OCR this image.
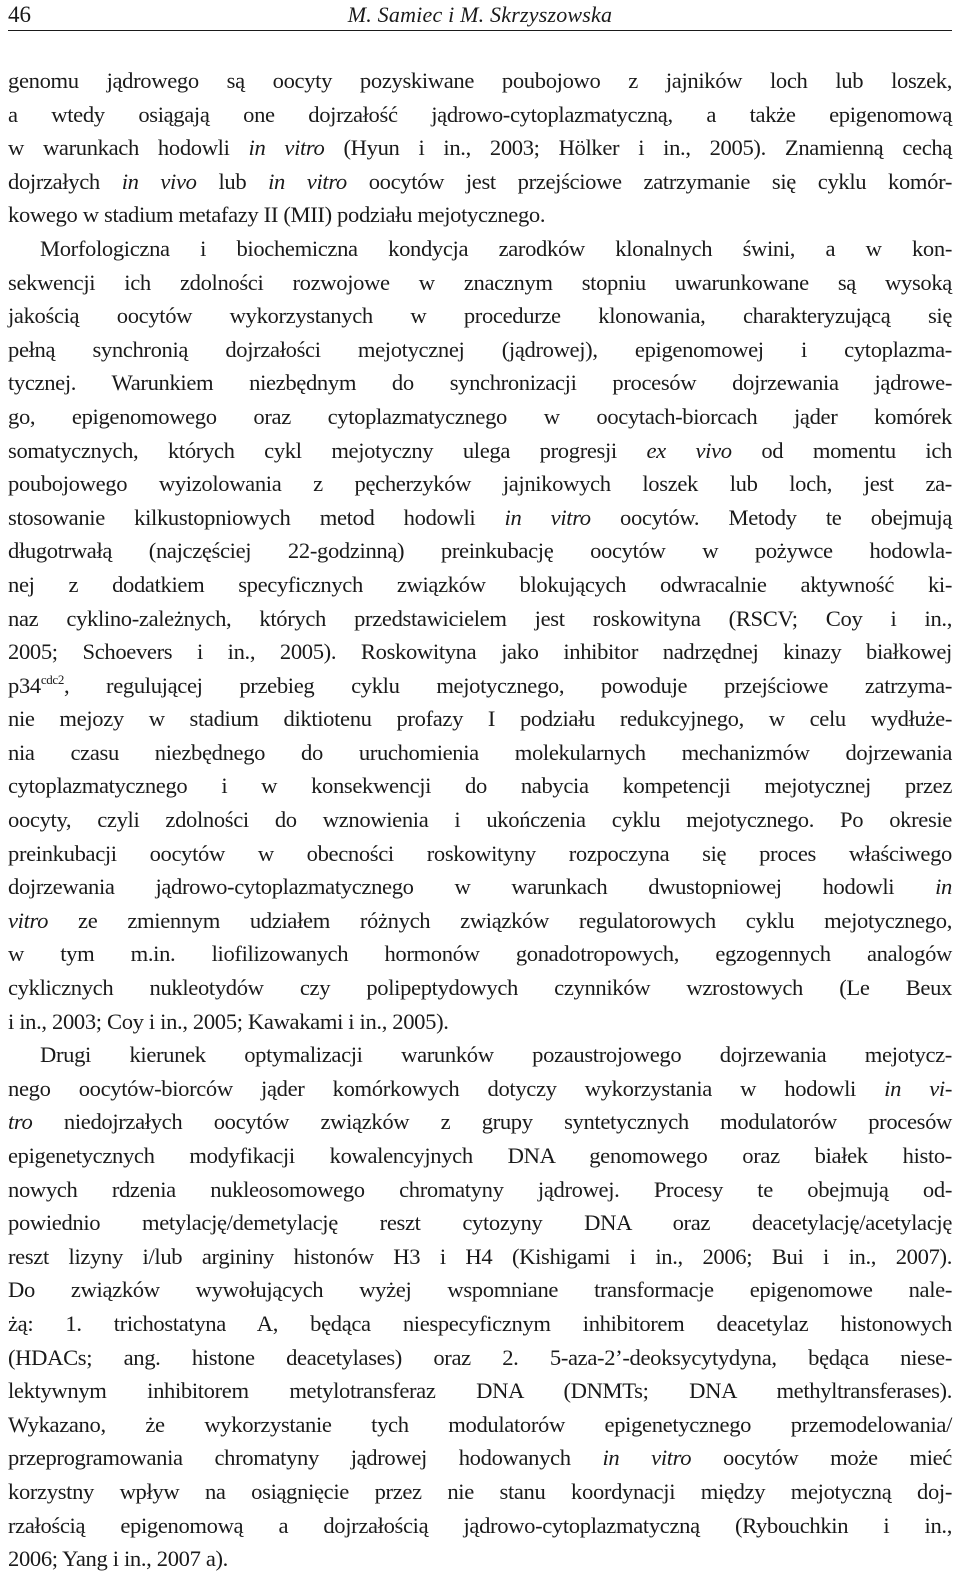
46	M. Samiec i M. Skrzyszowska
genomu jądrowego są oocyty pozyskiwane poubojowo z jajników loch lub loszek,
a wtedy osiągają one dojrzałość jądrowo-cytoplazmatyczną, a także epigenomową
w warunkach hodowli in vitro (Hyun i in., 2003; Hölker i in., 2005). Znamienną cechą
dojrzałych in vivo lub in vitro oocytów jest przejściowe zatrzymanie się cyklu komór-
kowego w stadium metafazy II (MII) podziału mejotycznego.
Morfologiczna i biochemiczna kondycja zarodków klonalnych świni, a w kon-
sekwencji ich zdolności rozwojowe w znacznym stopniu uwarunkowane są wysoką
jakością oocytów wykorzystanych w procedurze klonowania, charakteryzującą się
pełną synchronią dojrzałości mejotycznej (jądrowej), epigenomowej i cytoplazma-
tycznej. Warunkiem niezbędnym do synchronizacji procesów dojrzewania jądrowe-
go, epigenomowego oraz cytoplazmatycznego w oocytach-biorcach jąder komórek
somatycznych, których cykl mejotyczny ulega progresji ex vivo od momentu ich
poubojowego wyizolowania z pęcherzyków jajnikowych loszek lub loch, jest za-
stosowanie kilkustopniowych metod hodowli in vitro oocytów. Metody te obejmują
długotrwałą (najczęściej 22-godzinną) preinkubację oocytów w pożywce hodowla-
nej z dodatkiem specyficznych związków blokujących odwracalnie aktywność ki-
naz cyklino-zależnych, których przedstawicielem jest roskowityna (RSCV; Coy i in.,
2005; Schoevers i in., 2005). Roskowityna jako inhibitor nadrzędnej kinazy białkowej
$p34^{cdc2}$, regulującej przebieg cyklu mejotycznego, powoduje przejściowe zatrzyma-
nie mejozy w stadium diktiotenu profazy I podziału redukcyjnego, w celu wydłuże-
nia czasu niezbędnego do uruchomienia molekularnych mechanizmów dojrzewania
cytoplazmatycznego i w konsekwencji do nabycia kompetencji mejotycznej przez
oocyty, czyli zdolności do wznowienia i ukończenia cyklu mejotycznego. Po okresie
preinkubacji oocytów w obecności roskowityny rozpoczyna się proces właściwego
dojrzewania jądrowo-cytoplazmatycznego w warunkach dwustopniowej hodowli in
vitro ze zmiennym udziałem różnych związków regulatorowych cyklu mejotycznego,
w tym m.in. liofilizowanych hormonów gonadotropowych, egzogennych analogów
cyklicznych nukleotydów czy polipeptydowych czynników wzrostowych (Le Beux
i in., 2003; Coy i in., 2005; Kawakami i in., 2005).
Drugi kierunek optymalizacji warunków pozaustrojowego dojrzewania mejotycz-
nego oocytów-biorców jąder komórkowych dotyczy wykorzystania w hodowli in vi-
tro niedojrzałych oocytów związków z grupy syntetycznych modulatorów procesów
epigenetycznych modyfikacji kowalencyjnych DNA genomowego oraz białek histo-
nowych rdzenia nukleosomowego chromatyny jądrowej. Procesy te obejmują od-
powiednio metylację/demetylację reszt cytozyny DNA oraz deacetylację/acetylację
reszt lizyny i/lub argininy histonów H3 i H4 (Kishigami i in., 2006; Bui i in., 2007).
Do związków wywołujących wyżej wspomniane transformacje epigenomowe nale-
żą: 1. trichostatyna A, będąca niespecyficznym inhibitorem deacetylaz histonowych
(HDACs; ang. histone deacetylases) oraz 2. 5-aza-2’-deoksycytydyna, będąca niese-
lektywnym inhibitorem metylotransferaz DNA (DNMTs; DNA methyltransferases).
Wykazano, że wykorzystanie tych modulatorów epigenetycznego przemodelowania/
przeprogramowania chromatyny jądrowej hodowanych in vitro oocytów może mieć
korzystny wpływ na osiągnięcie przez nie stanu koordynacji między mejotyczną doj-
rzałością epigenomową a dojrzałością jądrowo-cytoplazmatyczną (Rybouchkin i in.,
2006; Yang i in., 2007 a).
